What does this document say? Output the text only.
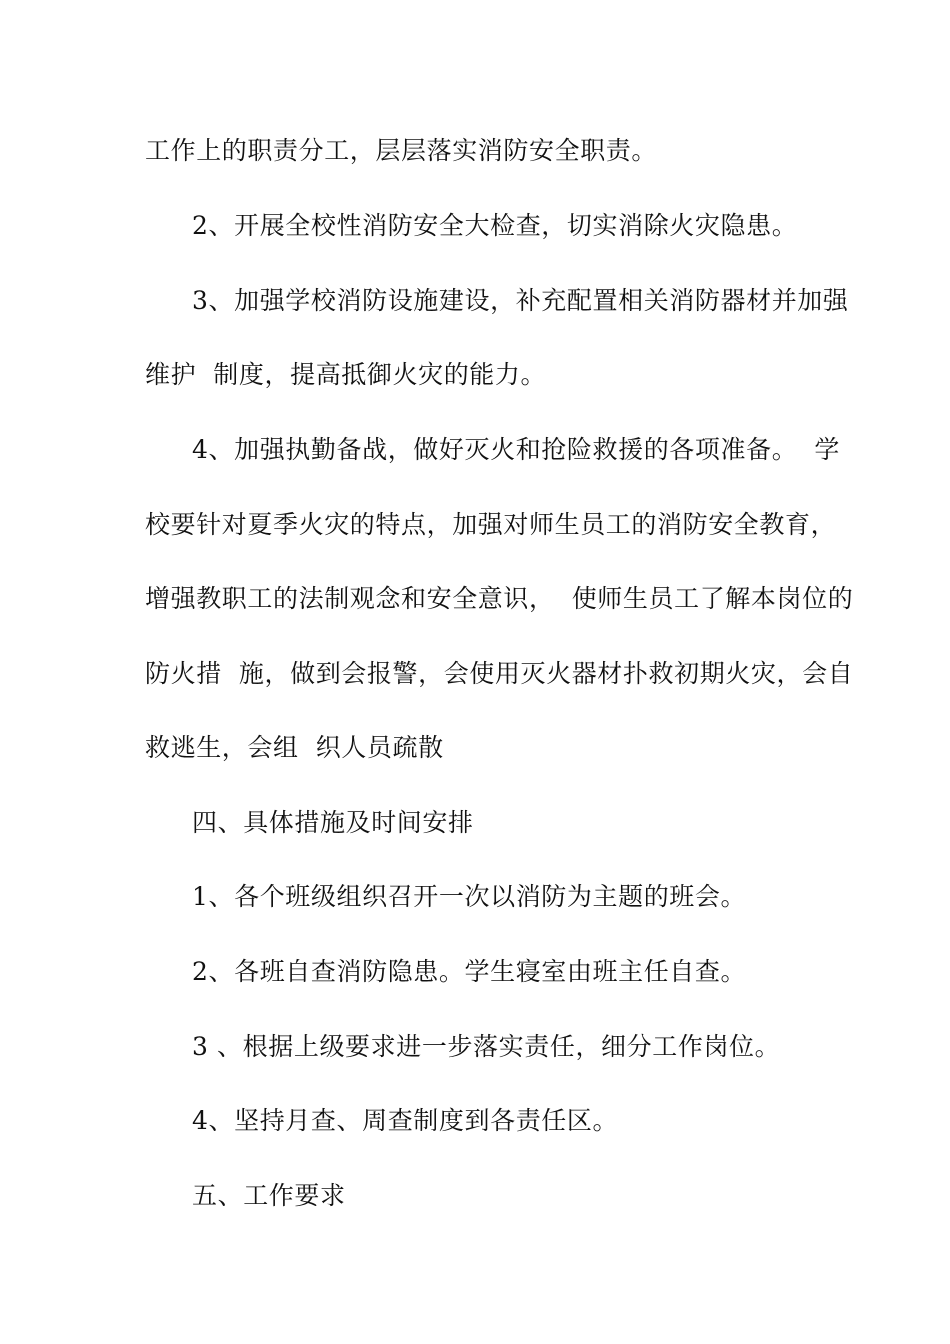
工作上的职责分工，层层落实消防安全职责。
2、开展全校性消防安全大检查，切实消除火灾隐患。
3、加强学校消防设施建设，补充配置相关消防器材并加强
维护  制度，提高抵御火灾的能力。
4、加强执勤备战，做好灭火和抢险救援的各项准备。  学
校要针对夏季火灾的特点，加强对师生员工的消防安全教育，
增强教职工的法制观念和安全意识，  使师生员工了解本岗位的
防火措  施，做到会报警，会使用灭火器材扑救初期火灾，会自
救逃生，会组  织人员疏散
四、具体措施及时间安排
1、各个班级组织召开一次以消防为主题的班会。
2、各班自查消防隐患。学生寝室由班主任自查。
3 、根据上级要求进一步落实责任，细分工作岗位。
4、坚持月查、周查制度到各责任区。
五、工作要求
